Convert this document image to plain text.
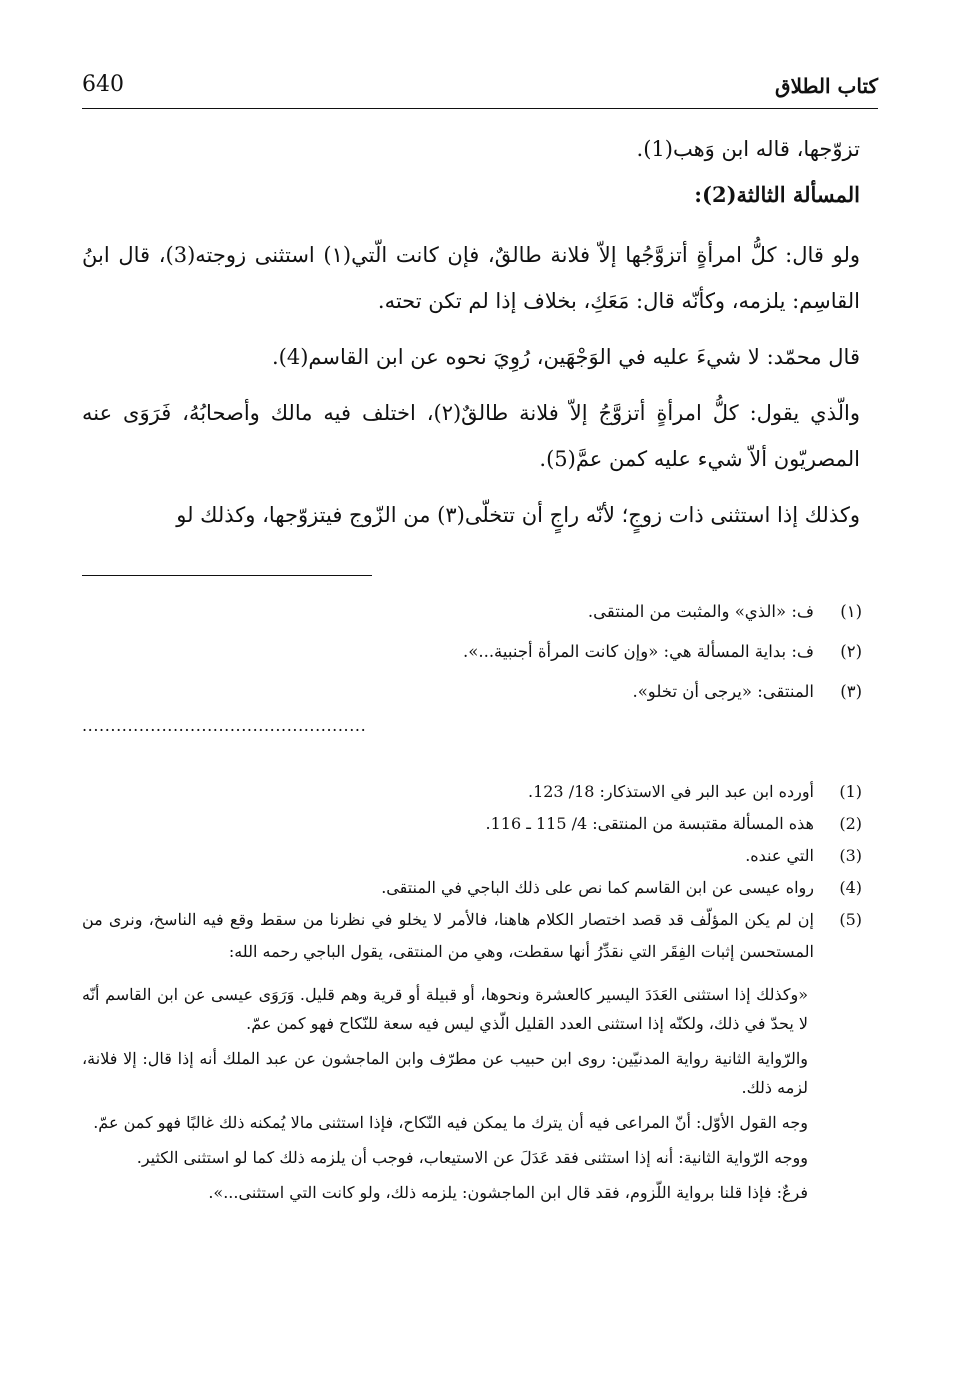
640	كتاب الطلاق

تزوّجها، قاله ابن وَهب(1).

المسألة الثالثة(2):

ولو قال: كلُّ امرأةٍ أتزوَّجُها إلاّ فلانة طالقٌ، فإن كانت الّتي(١) استثنى زوجته(3)، قال ابنُ القاسِم: يلزمه، وكأنّه قال: مَعَكِ، بخلاف إذا لم تكن تحته.

قال محمّد: لا شيءَ عليه في الوَجْهَين، رُوِيَ نحوه عن ابن القاسم(4).

والّذي يقول: كلُّ امرأةٍ أتزوَّجُ إلاّ فلانة طالقٌ(٢)، اختلف فيه مالك وأصحابُهُ، فَرَوَى عنه المصريّون ألاّ شيء عليه كمن عمَّ(5).

وكذلك إذا استثنى ذات زوجٍ؛ لأنّه راجٍ أن تتخلّى(٣) من الزّوج فيتزوّجها، وكذلك لو

(١)
ف: «الذي» والمثبت من المنتقى.
(٢)
ف: بداية المسألة هي: «وإن كانت المرأة أجنبية...».
(٣)
المنتقى: «يرجى أن تخلو».
..................................................
(1)
أورده ابن عبد البر في الاستذكار: 18/ 123.
(2)
هذه المسألة مقتبسة من المنتقى: 4/ 115 ـ 116.
(3)
التي عنده.
(4)
رواه عيسى عن ابن القاسم كما نص على ذلك الباجي في المنتقى.
(5)
إن لم يكن المؤلّف قد قصد اختصار الكلام هاهنا، فالأمر لا يخلو في نظرنا من سقط وقع فيه الناسخ، ونرى من المستحسن إثبات الفِقَر التي نقدِّرُ أنها سقطت، وهي من المنتقى، يقول الباجي رحمه الله:

«وكذلك إذا استثنى العَدَدَ اليسير كالعشرة ونحوها، أو قبيلة أو قرية وهم قليل. وَرَوَى عيسى عن ابن القاسم أنّه لا يحدّ في ذلك، ولكنّه إذا استثنى العدد القليل الّذي ليس فيه سعة للنّكاح فهو كمن عمّ.

والرّواية الثانية رواية المدنيّين: روى ابن حبيب عن مطرّف وابن الماجشون عن عبد الملك أنه إذا قال: إلا فلانة، لزمه ذلك.

وجه القول الأوّل: أنّ المراعى فيه أن يترك ما يمكن فيه النّكاح، فإذا استثنى مالا يُمكنه ذلك غالبًا فهو كمن عمّ.

ووجه الرّواية الثانية: أنه إذا استثنى فقد عَدَلَ عن الاستيعاب، فوجب أن يلزمه ذلك كما لو استثنى الكثير.

فرعٌ: فإذا قلنا برواية اللّزوم، فقد قال ابن الماجشون: يلزمه ذلك، ولو كانت التي استثنى...».
